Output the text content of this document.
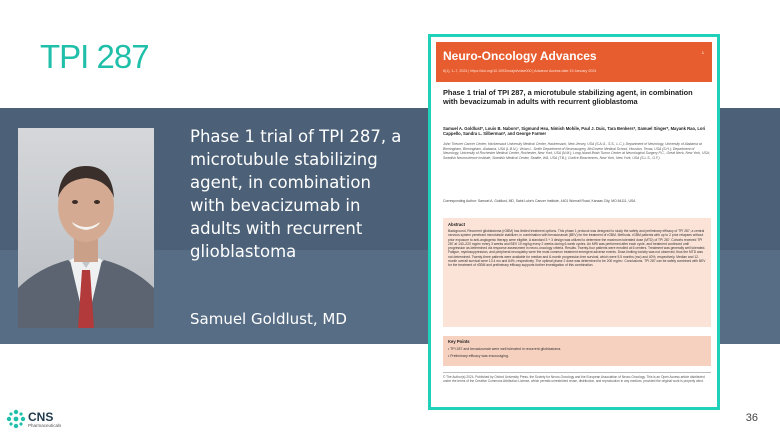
TPI 287
Phase 1 trial of TPI 287, a microtubule stabilizing agent, in combination with bevacizumab in adults with recurrent glioblastoma
Samuel Goldlust, MD
Neuro-Oncology Advances
6(1), 1–7, 2024 | https://doi.org/10.1093/noajnl/vdae000 | Advance Access date 19 January 2024
1
Phase 1 trial of TPI 287, a microtubule stabilizing agent, in combination with bevacizumab in adults with recurrent glioblastoma
Samuel A. Goldlust*, Louis B. Nabors*, Sigmund Hsu, Nimish Mohile, Paul J. Duic, Tara Benkers*, Samuel Singer*, Mayank Rao, Lori Cappello, Sandra L. Silberman*, and George Farmer
John Theurer Cancer Center, Hackensack University Medical Center, Hackensack, New Jersey, USA (S.A.G., S.S., L.C.); Department of Neurology, University of Alabama at Birmingham, Birmingham, Alabama, USA (L.B.N.); Vivian L. Smith Department of Neurosurgery, McGovern Medical School, Houston, Texas, USA (S.H.); Department of Neurology, University of Rochester Medical Center, Rochester, New York, USA (N.M.); Long Island Brain Tumor Center at Neurological Surgery P.C., Great Neck, New York, USA; Swedish Neuroscience Institute, Swedish Medical Center, Seattle, WA, USA (T.B.); Cortice Biosciences, New York, New York, USA (S.L.S., G.F.)
Corresponding Author: Samuel A. Goldlust, MD, Saint Luke's Cancer Institute, 4401 Wornall Road, Kansas City, MO 64111, USA
Abstract
Background. Recurrent glioblastoma (rGBM) has limited treatment options. This phase 1 protocol was designed to study the safety and preliminary efficacy of TPI 287, a central nervous system penetrant microtubule stabilizer, in combination with bevacizumab (BEV) for the treatment of rGBM. Methods. rGBM patients with up to 2 prior relapses without prior exposure to anti-angiogenic therapy were eligible. A standard 3 + 3 design was utilized to determine the maximum tolerated dose (MTD) of TPI 287. Cohorts received TPI 287 at 140–220 mg/m² every 3 weeks and BEV 10 mg/kg every 2 weeks during 6-week cycles. An MRI was performed after each cycle, and treatment continued until progression as determined via response assessment in neuro-oncology criteria. Results. Twenty-four patients were enrolled at 6 centers. Treatment was generally well tolerated. Fatigue, myelosuppression, and peripheral neuropathy were the most common treatment emergent adverse events. Dose-limiting toxicity was not observed, thus the MTD was not determined. Twenty-three patients were available for median and 6-month progression-free survival, which were 5.5 months (mo) and 40%, respectively. Median and 12-month overall survival were 13.4 mo and 64%, respectively. The optimal phase 2 dose was determined to be 200 mg/m². Conclusions. TPI 287 can be safely combined with BEV for the treatment of rGBM and preliminary efficacy supports further investigation of this combination.
Key Points
• TPI 287 and bevacizumab were well tolerated in recurrent glioblastoma.
• Preliminary efficacy was encouraging.
© The Author(s) 2024. Published by Oxford University Press, the Society for Neuro-Oncology and the European Association of Neuro-Oncology. This is an Open Access article distributed under the terms of the Creative Commons Attribution License, which permits unrestricted reuse, distribution, and reproduction in any medium, provided the original work is properly cited.
CNS
Pharmaceuticals
36
